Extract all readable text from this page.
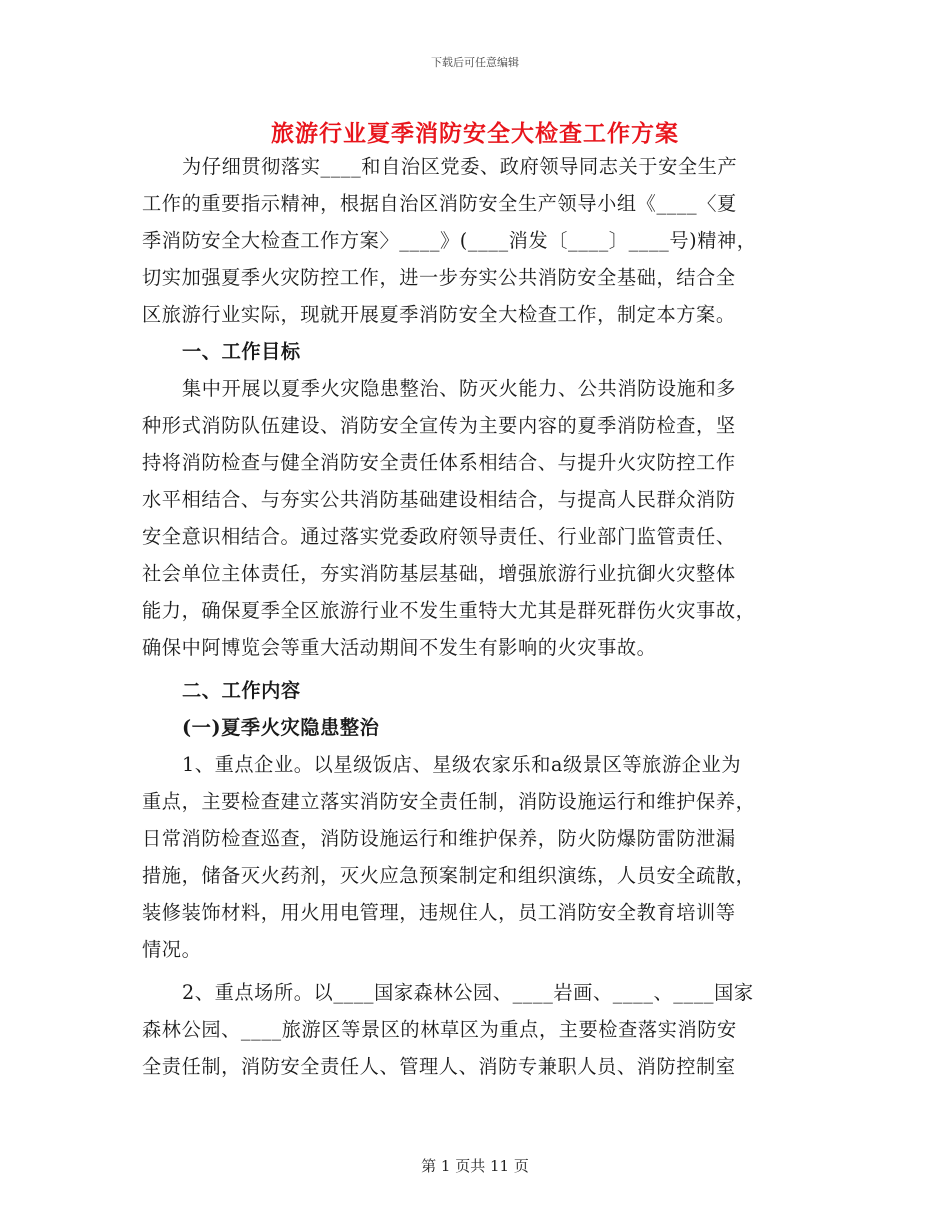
下载后可任意编辑
旅游行业夏季消防安全大检查工作方案
为仔细贯彻落实____和自治区党委、政府领导同志关于安全生产
工作的重要指示精神，根据自治区消防安全生产领导小组《____〈夏
季消防安全大检查工作方案〉____》(____消发〔____〕____号)精神，
切实加强夏季火灾防控工作，进一步夯实公共消防安全基础，结合全
区旅游行业实际，现就开展夏季消防安全大检查工作，制定本方案。
一、工作目标
集中开展以夏季火灾隐患整治、防灭火能力、公共消防设施和多
种形式消防队伍建设、消防安全宣传为主要内容的夏季消防检查，坚
持将消防检查与健全消防安全责任体系相结合、与提升火灾防控工作
水平相结合、与夯实公共消防基础建设相结合，与提高人民群众消防
安全意识相结合。通过落实党委政府领导责任、行业部门监管责任、
社会单位主体责任，夯实消防基层基础，增强旅游行业抗御火灾整体
能力，确保夏季全区旅游行业不发生重特大尤其是群死群伤火灾事故，
确保中阿博览会等重大活动期间不发生有影响的火灾事故。
二、工作内容
(一)夏季火灾隐患整治
1、重点企业。以星级饭店、星级农家乐和a级景区等旅游企业为
重点，主要检查建立落实消防安全责任制，消防设施运行和维护保养，
日常消防检查巡查，消防设施运行和维护保养，防火防爆防雷防泄漏
措施，储备灭火药剂，灭火应急预案制定和组织演练，人员安全疏散，
装修装饰材料，用火用电管理，违规住人，员工消防安全教育培训等
情况。
2、重点场所。以____国家森林公园、____岩画、____、____国家
森林公园、____旅游区等景区的林草区为重点，主要检查落实消防安
全责任制，消防安全责任人、管理人、消防专兼职人员、消防控制室
第 1 页共 11 页
